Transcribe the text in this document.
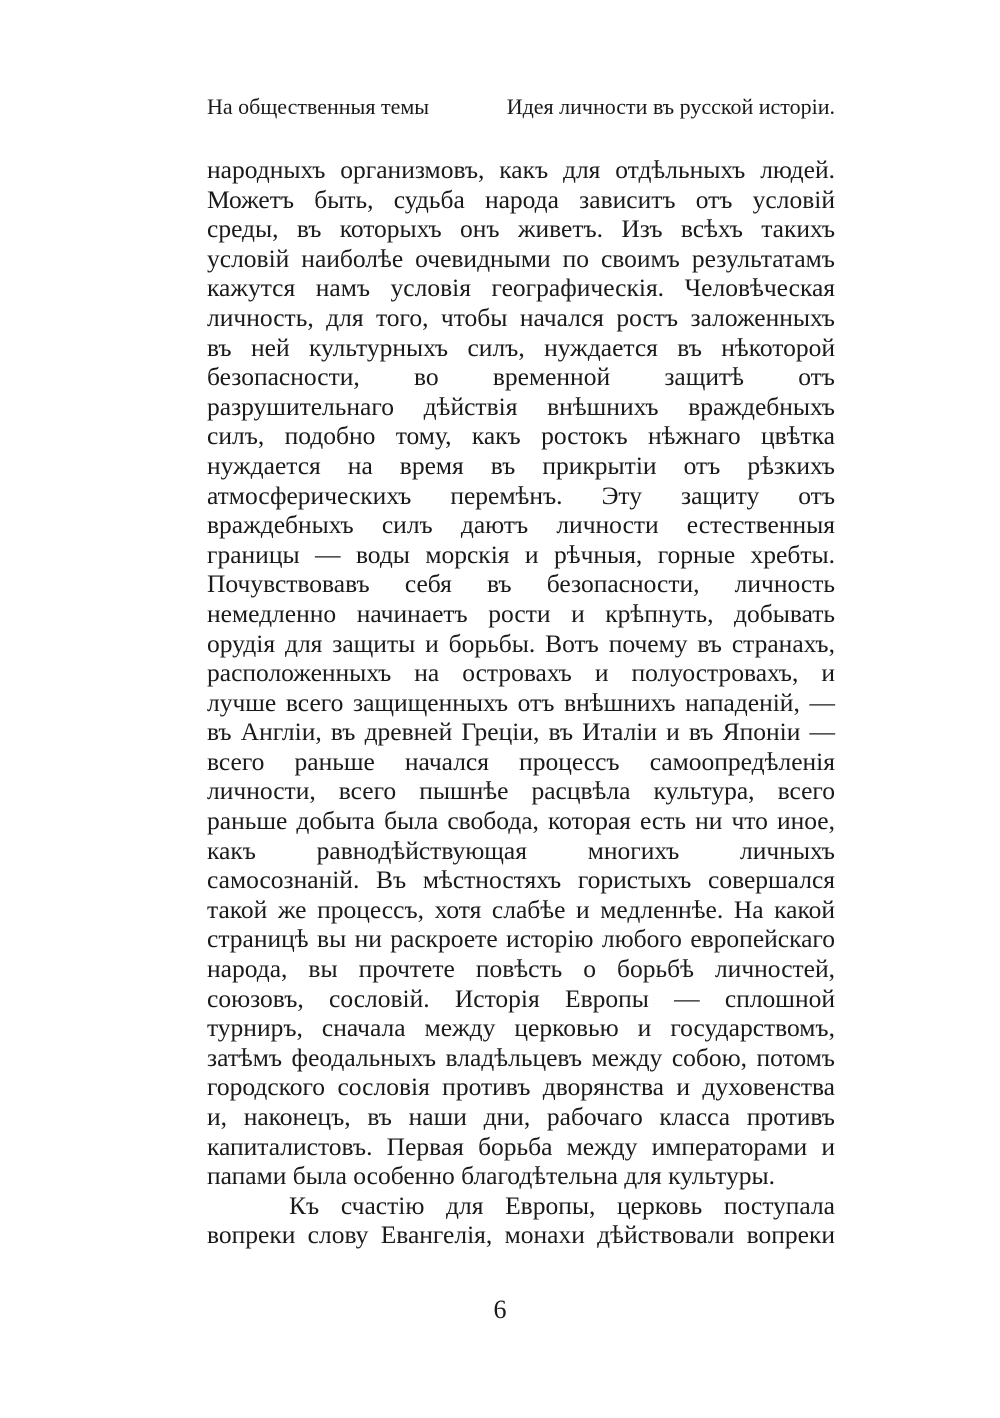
На общественныя темы	Идея личности въ русской исторіи.
народныхъ организмовъ, какъ для отдѣльныхъ людей.
Можетъ быть, судьба народа зависитъ отъ условій
среды, въ которыхъ онъ живетъ. Изъ всѣхъ такихъ
условій наиболѣе очевидными по своимъ результатамъ
кажутся намъ условія географическія. Человѣческая
личность, для того, чтобы начался ростъ заложенныхъ
въ ней культурныхъ силъ, нуждается въ нѣкоторой
безопасности, во временной защитѣ отъ
разрушительнаго дѣйствія внѣшнихъ враждебныхъ
силъ, подобно тому, какъ ростокъ нѣжнаго цвѣтка
нуждается на время въ прикрытіи отъ рѣзкихъ
атмосферическихъ перемѣнъ. Эту защиту отъ
враждебныхъ силъ даютъ личности естественныя
границы — воды морскія и рѣчныя, горные хребты.
Почувствовавъ себя въ безопасности, личность
немедленно начинаетъ рости и крѣпнуть, добывать
орудія для защиты и борьбы. Вотъ почему въ странахъ,
расположенныхъ на островахъ и полуостровахъ, и
лучше всего защищенныхъ отъ внѣшнихъ нападеній, —
въ Англіи, въ древней Греціи, въ Италіи и въ Японіи —
всего раньше начался процессъ самоопредѣленія
личности, всего пышнѣе расцвѣла культура, всего
раньше добыта была свобода, которая есть ни что иное,
какъ равнодѣйствующая многихъ личныхъ
самосознаній. Въ мѣстностяхъ гористыхъ совершался
такой же процессъ, хотя слабѣе и медленнѣе. На какой
страницѣ вы ни раскроете исторію любого европейскаго
народа, вы прочтете повѣсть о борьбѣ личностей,
союзовъ, сословій. Исторія Европы — сплошной
турниръ, сначала между церковью и государствомъ,
затѣмъ феодальныхъ владѣльцевъ между собою, потомъ
городского сословія противъ дворянства и духовенства
и, наконецъ, въ наши дни, рабочаго класса противъ
капиталистовъ. Первая борьба между императорами и
папами была особенно благодѣтельна для культуры.
Къ счастію для Европы, церковь поступала
вопреки слову Евангелія, монахи дѣйствовали вопреки
6
